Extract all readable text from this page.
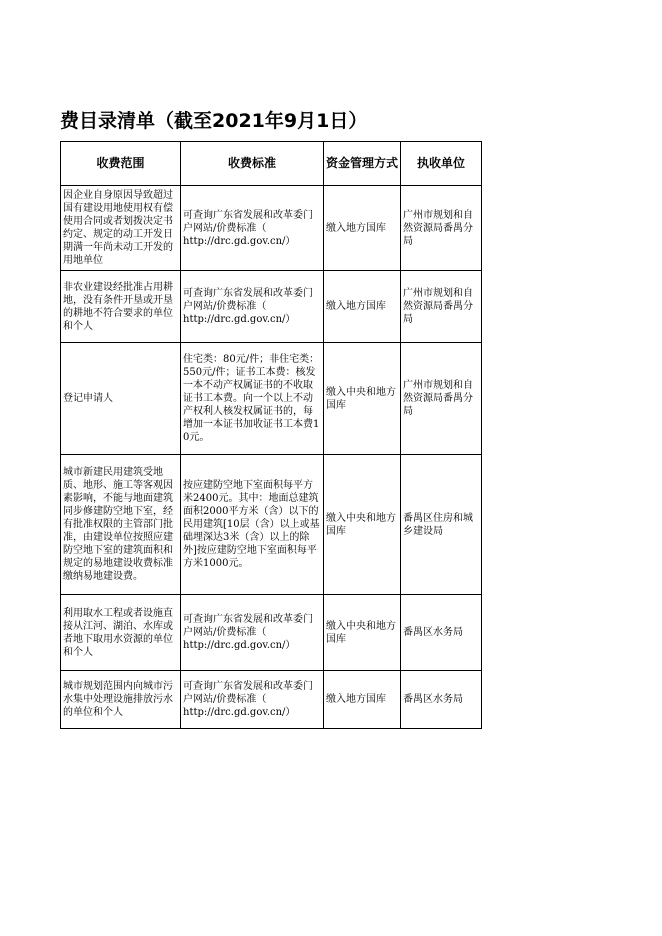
费目录清单（截至2021年9月1日）
收费范围	收费标准	资金管理方式	执收单位
因企业自身原因导致超过国有建设用地使用权有偿使用合同或者划拨决定书约定、规定的动工开发日期满一年尚未动工开发的用地单位	可查询广东省发展和改革委门户网站/价费标准（
http://drc.gd.gov.cn/）	缴入地方国库	广州市规划和自然资源局番禺分局
非农业建设经批准占用耕地，没有条件开垦或开垦的耕地不符合要求的单位和个人	可查询广东省发展和改革委门户网站/价费标准（
http://drc.gd.gov.cn/）	缴入地方国库	广州市规划和自然资源局番禺分局
登记申请人	住宅类：80元/件；非住宅类：550元/件；证书工本费：核发一本不动产权属证书的不收取证书工本费。向一个以上不动产权利人核发权属证书的，每增加一本证书加收证书工本费10元。	缴入中央和地方国库	广州市规划和自然资源局番禺分局
城市新建民用建筑受地质、地形、施工等客观因素影响，不能与地面建筑同步修建防空地下室，经有批准权限的主管部门批准，由建设单位按照应建防空地下室的建筑面积和规定的易地建设收费标准缴纳易地建设费。	按应建防空地下室面积每平方米2400元。其中：地面总建筑面积2000平方米（含）以下的民用建筑[10层（含）以上或基础埋深达3米（含）以上的除外]按应建防空地下室面积每平方米1000元。	缴入中央和地方国库	番禺区住房和城乡建设局
利用取水工程或者设施直接从江河、湖泊、水库或者地下取用水资源的单位和个人	可查询广东省发展和改革委门户网站/价费标准（
http://drc.gd.gov.cn/）	缴入中央和地方国库	番禺区水务局
城市规划范围内向城市污水集中处理设施排放污水的单位和个人	可查询广东省发展和改革委门户网站/价费标准（
http://drc.gd.gov.cn/）	缴入地方国库	番禺区水务局
